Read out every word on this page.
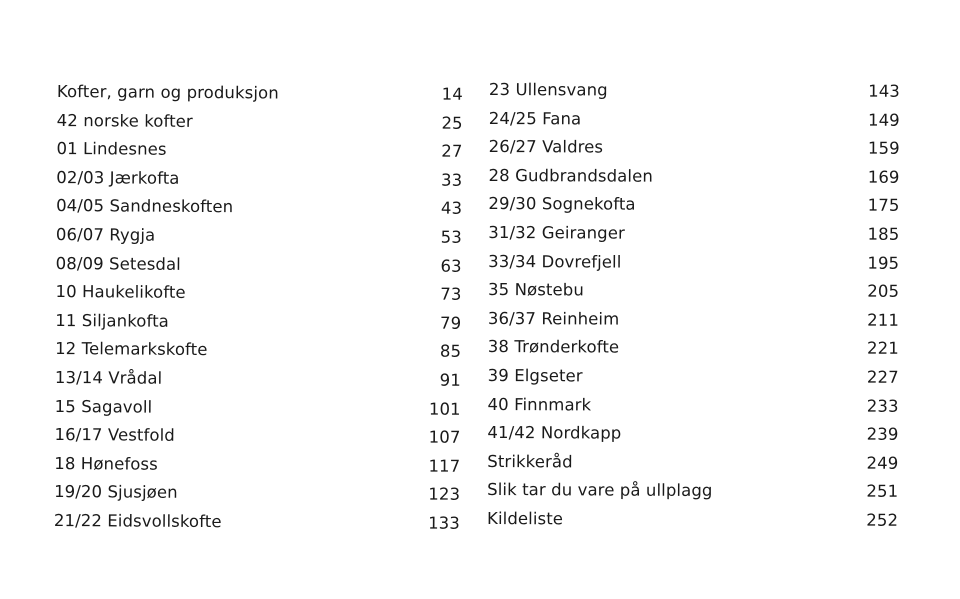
Kofter, garn og produksjon	14
42 norske kofter	25
01 Lindesnes	27
02/03 Jærkofta	33
04/05 Sandneskoften	43
06/07 Rygja	53
08/09 Setesdal	63
10 Haukelikofte	73
11 Siljankofta	79
12 Telemarkskofte	85
13/14 Vrådal	91
15 Sagavoll	101
16/17 Vestfold	107
18 Hønefoss	117
19/20 Sjusjøen	123
21/22 Eidsvollskofte	133
23 Ullensvang	143
24/25 Fana	149
26/27 Valdres	159
28 Gudbrandsdalen	169
29/30 Sognekofta	175
31/32 Geiranger	185
33/34 Dovrefjell	195
35 Nøstebu	205
36/37 Reinheim	211
38 Trønderkofte	221
39 Elgseter	227
40 Finnmark	233
41/42 Nordkapp	239
Strikkeråd	249
Slik tar du vare på ullplagg	251
Kildeliste	252
